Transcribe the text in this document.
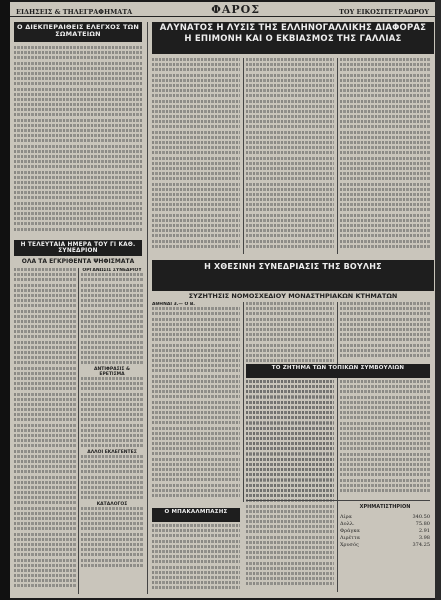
ΕΙΔΗΣΕΙΣ & ΤΗΛΕΓΡΑΦΗΜΑΤΑ	ΦΑΡΟΣ	ΤΟΥ ΕΙΚΟΣΙΤΕΤΡΑΩΡΟΥ
Ο ΔΙΕΚΠΕΡΑΙΘΕΙΣ ΕΛΕΓΧΟΣ ΤΩΝ ΣΩΜΑΤΕΙΩΝ
ΑΛΥΝΑΤΟΣ Η ΛΥΣΙΣ ΤΗΣ ΕΛΛΗΝΟΓΑΛΛΙΚΗΣ ΔΙΑΦΟΡΑΣ
Η ΕΠΙΜΟΝΗ ΚΑΙ Ο ΕΚΒΙΑΣΜΟΣ ΤΗΣ ΓΑΛΛΙΑΣ
Η ΤΕΛΕΥΤΑΙΑ ΗΜΕΡΑ ΤΟΥ ΓΙ ΚΑΘ. ΣΥΝΕΔΡΙΟΝ
ΟΛΑ ΤΑ ΕΓΚΡΙΘΕΝΤΑ ΨΗΦΙΣΜΑΤΑ
Η ΧΘΕΣΙΝΗ ΣΥΝΕΔΡΙΑΣΙΣ ΤΗΣ ΒΟΥΛΗΣ
ΣΥΖΗΤΗΣΙΣ ΝΟΜΟΣΧΕΔΙΟΥ ΜΟΝΑΣΤΗΡΙΑΚΩΝ ΚΤΗΜΑΤΩΝ
ΟΡΓΑΝΩΣΙΣ ΣΥΝΕΔΡΙΟΥ
ΑΝΤΙΦΡΑΣΙΣ & ΕΡΕΤΙΣΜΑ
ΑΛΛΟΙ ΕΚΛΕΓΕΝΤΕΣ
ΚΑΤΑΛΟΓΟΣ
ΑΘΗΝΑΙ 3.— Ο Β.
ΤΟ ΖΗΤΗΜΑ ΤΩΝ ΤΟΠΙΚΩΝ ΣΥΜΒΟΥΛΙΩΝ
Ο ΜΠΑΚΑΛΜΠΑΣΗΣ
ΧΡΗΜΑΤΙΣΤΗΡΙΟΝ
Λίρα	340.50
Δολλ.	75.80
Φράγκα	2.91
Λιρέττα	3.98
Χρυσός	374.25
